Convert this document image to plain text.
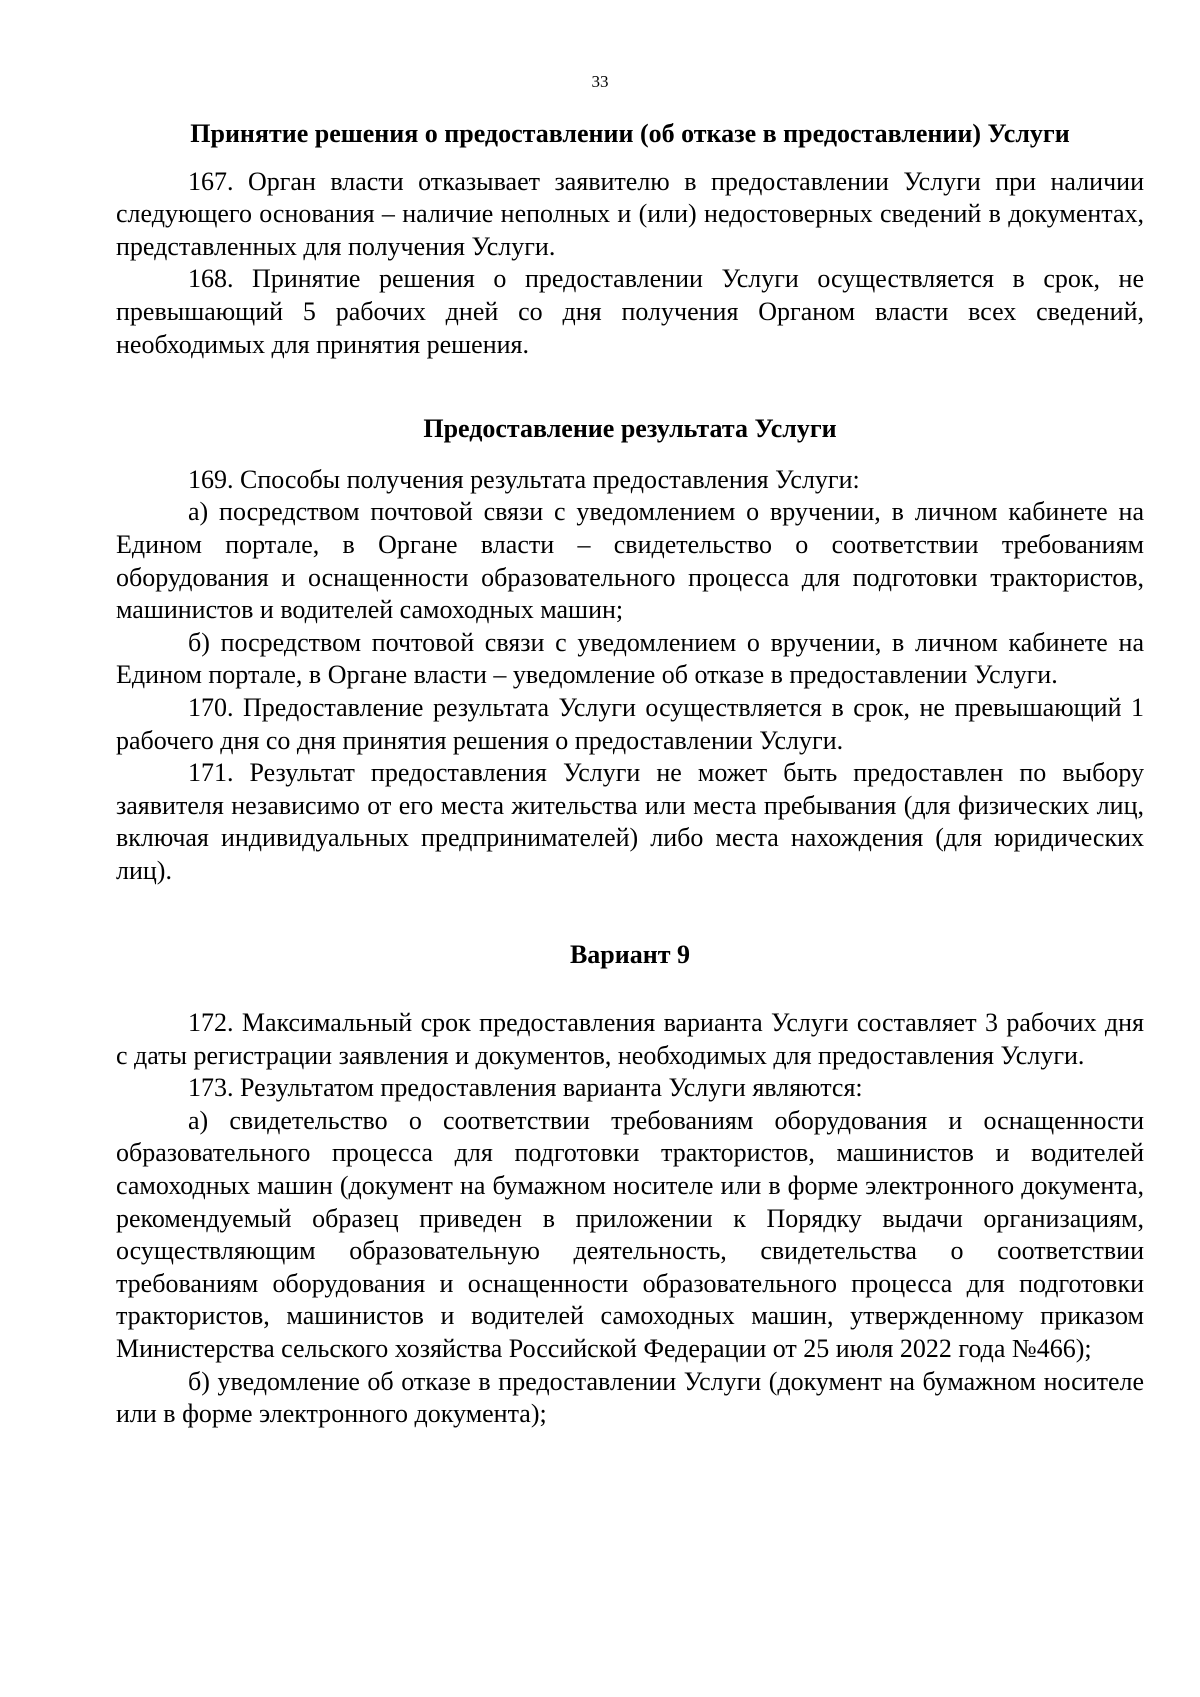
33

Принятие решения о предоставлении (об отказе в предоставлении) Услуги

167. Орган власти отказывает заявителю в предоставлении Услуги при наличии следующего основания – наличие неполных и (или) недостоверных сведений в документах, представленных для получения Услуги.

168. Принятие решения о предоставлении Услуги осуществляется в срок, не превышающий 5 рабочих дней со дня получения Органом власти всех сведений, необходимых для принятия решения.

Предоставление результата Услуги

169. Способы получения результата предоставления Услуги:

а) посредством почтовой связи с уведомлением о вручении, в личном кабинете на Едином портале, в Органе власти – свидетельство о соответствии требованиям оборудования и оснащенности образовательного процесса для подготовки трактористов, машинистов и водителей самоходных машин;

б) посредством почтовой связи с уведомлением о вручении, в личном кабинете на Едином портале, в Органе власти – уведомление об отказе в предоставлении Услуги.

170. Предоставление результата Услуги осуществляется в срок, не превышающий 1 рабочего дня со дня принятия решения о предоставлении Услуги.

171. Результат предоставления Услуги не может быть предоставлен по выбору заявителя независимо от его места жительства или места пребывания (для физических лиц, включая индивидуальных предпринимателей) либо места нахождения (для юридических лиц).

Вариант 9

172. Максимальный срок предоставления варианта Услуги составляет 3 рабочих дня с даты регистрации заявления и документов, необходимых для предоставления Услуги.

173. Результатом предоставления варианта Услуги являются:

а) свидетельство о соответствии требованиям оборудования и оснащенности образовательного процесса для подготовки трактористов, машинистов и водителей самоходных машин (документ на бумажном носителе или в форме электронного документа, рекомендуемый образец приведен в приложении к Порядку выдачи организациям, осуществляющим образовательную деятельность, свидетельства о соответствии требованиям оборудования и оснащенности образовательного процесса для подготовки трактористов, машинистов и водителей самоходных машин, утвержденному приказом Министерства сельского хозяйства Российской Федерации от 25 июля 2022 года №466);

б) уведомление об отказе в предоставлении Услуги (документ на бумажном носителе или в форме электронного документа);
